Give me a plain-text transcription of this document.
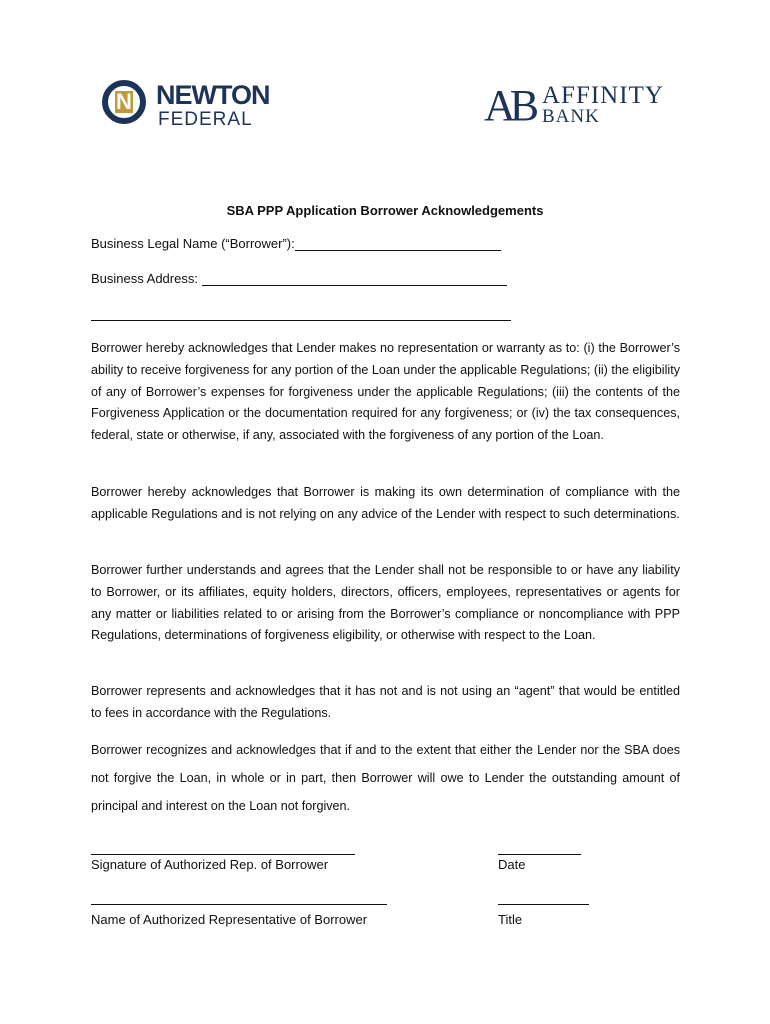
N NEWTON
FEDERAL	AB AFFINITY
BANK
SBA PPP Application Borrower Acknowledgements
Business Legal Name (“Borrower”):
Business Address:
Borrower hereby acknowledges that Lender makes no representation or warranty as to: (i) the Borrower’s ability to receive forgiveness for any portion of the Loan under the applicable Regulations; (ii) the eligibility of any of Borrower’s expenses for forgiveness under the applicable Regulations; (iii) the contents of the Forgiveness Application or the documentation required for any forgiveness; or (iv) the tax consequences, federal, state or otherwise, if any, associated with the forgiveness of any portion of the Loan.
Borrower hereby acknowledges that Borrower is making its own determination of compliance with the applicable Regulations and is not relying on any advice of the Lender with respect to such determinations.
Borrower further understands and agrees that the Lender shall not be responsible to or have any liability to Borrower, or its affiliates, equity holders, directors, officers, employees, representatives or agents for any matter or liabilities related to or arising from the Borrower’s compliance or noncompliance with PPP Regulations, determinations of forgiveness eligibility, or otherwise with respect to the Loan.
Borrower represents and acknowledges that it has not and is not using an “agent” that would be entitled to fees in accordance with the Regulations.
Borrower recognizes and acknowledges that if and to the extent that either the Lender nor the SBA does not forgive the Loan, in whole or in part, then Borrower will owe to Lender the outstanding amount of principal and interest on the Loan not forgiven.
Signature of Authorized Rep. of Borrower	Date
Name of Authorized Representative of Borrower	Title
